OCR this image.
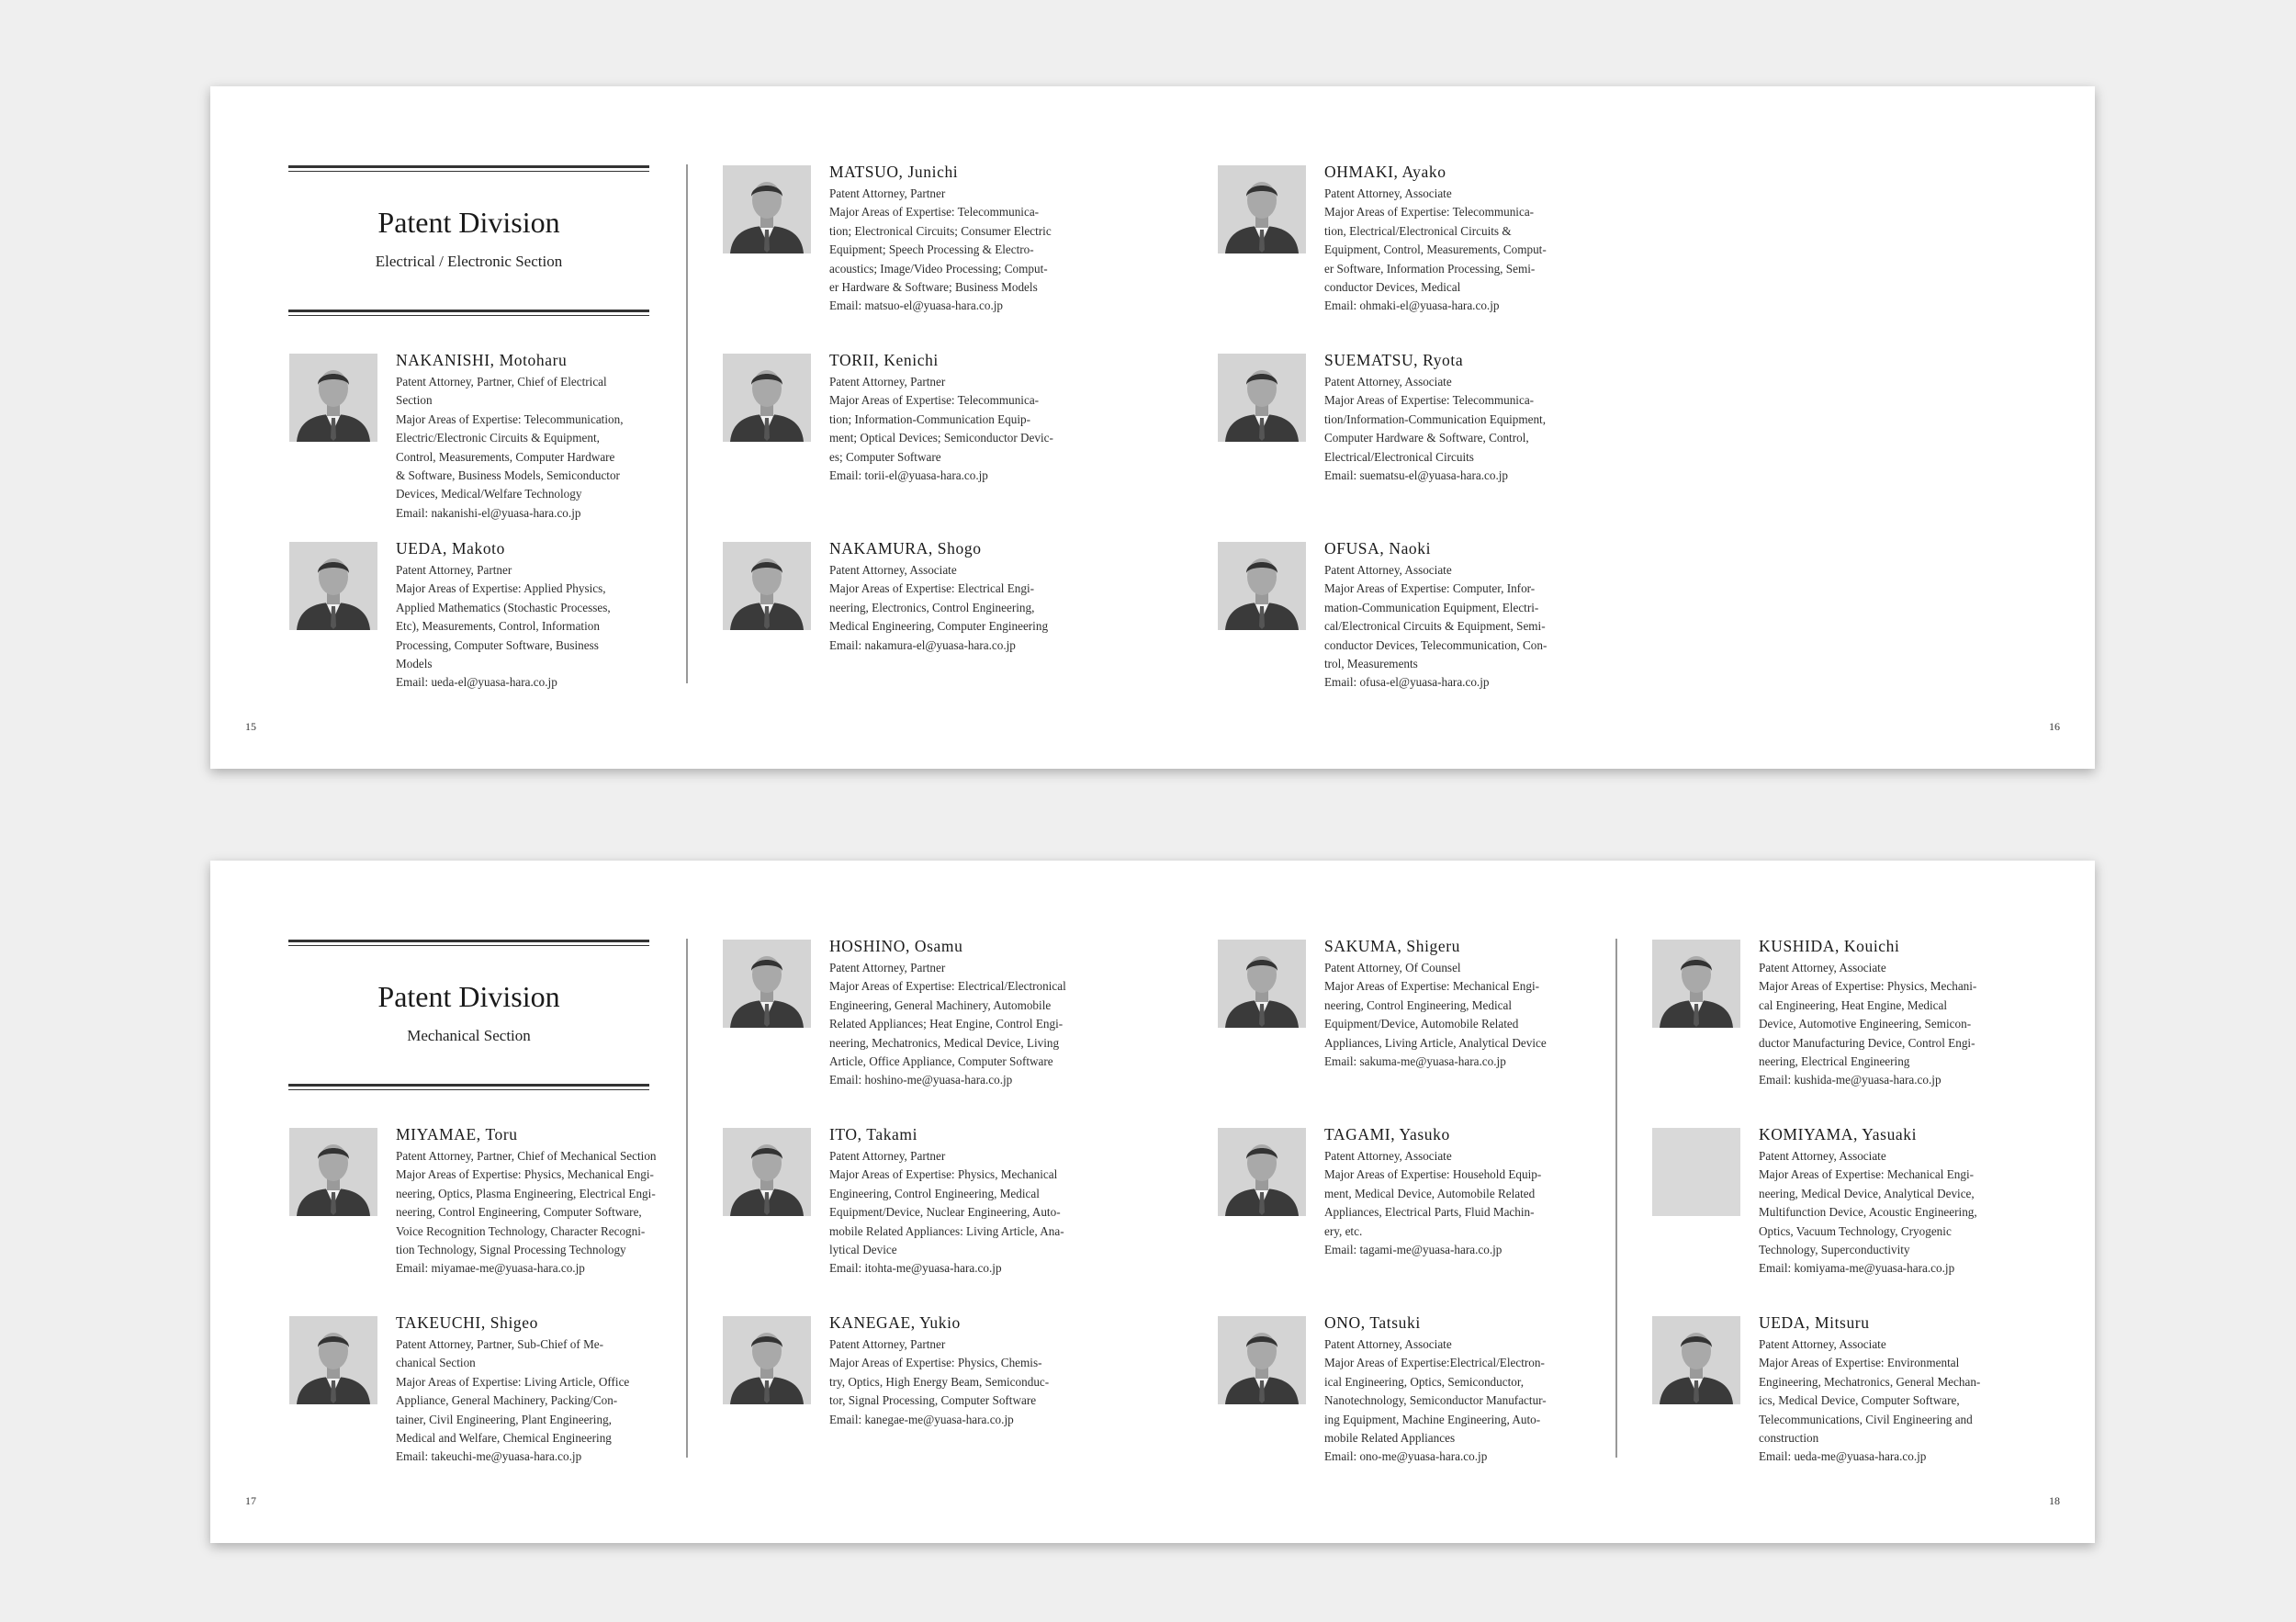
Patent Division
Electrical / Electronic Section
NAKANISHI, Motoharu
Patent Attorney, Partner, Chief of Electrical
Section
Major Areas of Expertise: Telecommunication,
Electric/Electronic Circuits & Equipment,
Control, Measurements, Computer Hardware
& Software, Business Models, Semiconductor
Devices, Medical/Welfare Technology
Email: nakanishi-el@yuasa-hara.co.jp
UEDA, Makoto
Patent Attorney, Partner
Major Areas of Expertise: Applied Physics,
Applied Mathematics (Stochastic Processes,
Etc), Measurements, Control, Information
Processing, Computer Software, Business
Models
Email: ueda-el@yuasa-hara.co.jp
MATSUO, Junichi
Patent Attorney, Partner
Major Areas of Expertise: Telecommunica-
tion; Electronical Circuits; Consumer Electric
Equipment; Speech Processing & Electro-
acoustics; Image/Video Processing; Comput-
er Hardware & Software; Business Models
Email: matsuo-el@yuasa-hara.co.jp
TORII, Kenichi
Patent Attorney, Partner
Major Areas of Expertise: Telecommunica-
tion; Information-Communication Equip-
ment; Optical Devices; Semiconductor Devic-
es; Computer Software
Email: torii-el@yuasa-hara.co.jp
NAKAMURA, Shogo
Patent Attorney, Associate
Major Areas of Expertise: Electrical Engi-
neering, Electronics, Control Engineering,
Medical Engineering, Computer Engineering
Email: nakamura-el@yuasa-hara.co.jp
OHMAKI, Ayako
Patent Attorney, Associate
Major Areas of Expertise: Telecommunica-
tion, Electrical/Electronical Circuits &
Equipment, Control, Measurements, Comput-
er Software, Information Processing, Semi-
conductor Devices, Medical
Email: ohmaki-el@yuasa-hara.co.jp
SUEMATSU, Ryota
Patent Attorney, Associate
Major Areas of Expertise: Telecommunica-
tion/Information-Communication Equipment,
Computer Hardware & Software, Control,
Electrical/Electronical Circuits
Email: suematsu-el@yuasa-hara.co.jp
OFUSA, Naoki
Patent Attorney, Associate
Major Areas of Expertise: Computer, Infor-
mation-Communication Equipment, Electri-
cal/Electronical Circuits & Equipment, Semi-
conductor Devices, Telecommunication, Con-
trol, Measurements
Email: ofusa-el@yuasa-hara.co.jp
15	16
Patent Division
Mechanical Section
MIYAMAE, Toru
Patent Attorney, Partner, Chief of Mechanical Section
Major Areas of Expertise: Physics, Mechanical Engi-
neering, Optics, Plasma Engineering, Electrical Engi-
neering, Control Engineering, Computer Software,
Voice Recognition Technology, Character Recogni-
tion Technology, Signal Processing Technology
Email: miyamae-me@yuasa-hara.co.jp
TAKEUCHI, Shigeo
Patent Attorney, Partner, Sub-Chief of Me-
chanical Section
Major Areas of Expertise: Living Article, Office
Appliance, General Machinery, Packing/Con-
tainer, Civil Engineering, Plant Engineering,
Medical and Welfare, Chemical Engineering
Email: takeuchi-me@yuasa-hara.co.jp
HOSHINO, Osamu
Patent Attorney, Partner
Major Areas of Expertise: Electrical/Electronical
Engineering, General Machinery, Automobile
Related Appliances; Heat Engine, Control Engi-
neering, Mechatronics, Medical Device, Living
Article, Office Appliance, Computer Software
Email: hoshino-me@yuasa-hara.co.jp
ITO, Takami
Patent Attorney, Partner
Major Areas of Expertise: Physics, Mechanical
Engineering, Control Engineering, Medical
Equipment/Device, Nuclear Engineering, Auto-
mobile Related Appliances: Living Article, Ana-
lytical Device
Email: itohta-me@yuasa-hara.co.jp
KANEGAE, Yukio
Patent Attorney, Partner
Major Areas of Expertise: Physics, Chemis-
try, Optics, High Energy Beam, Semiconduc-
tor, Signal Processing, Computer Software
Email: kanegae-me@yuasa-hara.co.jp
SAKUMA, Shigeru
Patent Attorney, Of Counsel
Major Areas of Expertise: Mechanical Engi-
neering, Control Engineering, Medical
Equipment/Device, Automobile Related
Appliances, Living Article, Analytical Device
Email: sakuma-me@yuasa-hara.co.jp
TAGAMI, Yasuko
Patent Attorney, Associate
Major Areas of Expertise: Household Equip-
ment, Medical Device, Automobile Related
Appliances, Electrical Parts, Fluid Machin-
ery, etc.
Email: tagami-me@yuasa-hara.co.jp
ONO, Tatsuki
Patent Attorney, Associate
Major Areas of Expertise:Electrical/Electron-
ical Engineering, Optics, Semiconductor,
Nanotechnology, Semiconductor Manufactur-
ing Equipment, Machine Engineering, Auto-
mobile Related Appliances
Email: ono-me@yuasa-hara.co.jp
KUSHIDA, Kouichi
Patent Attorney, Associate
Major Areas of Expertise: Physics, Mechani-
cal Engineering, Heat Engine, Medical
Device, Automotive Engineering, Semicon-
ductor Manufacturing Device, Control Engi-
neering, Electrical Engineering
Email: kushida-me@yuasa-hara.co.jp
KOMIYAMA, Yasuaki
Patent Attorney, Associate
Major Areas of Expertise: Mechanical Engi-
neering, Medical Device, Analytical Device,
Multifunction Device, Acoustic Engineering,
Optics, Vacuum Technology, Cryogenic
Technology, Superconductivity
Email: komiyama-me@yuasa-hara.co.jp
UEDA, Mitsuru
Patent Attorney, Associate
Major Areas of Expertise: Environmental
Engineering, Mechatronics, General Mechan-
ics, Medical Device, Computer Software,
Telecommunications, Civil Engineering and
construction
Email: ueda-me@yuasa-hara.co.jp
17	18
